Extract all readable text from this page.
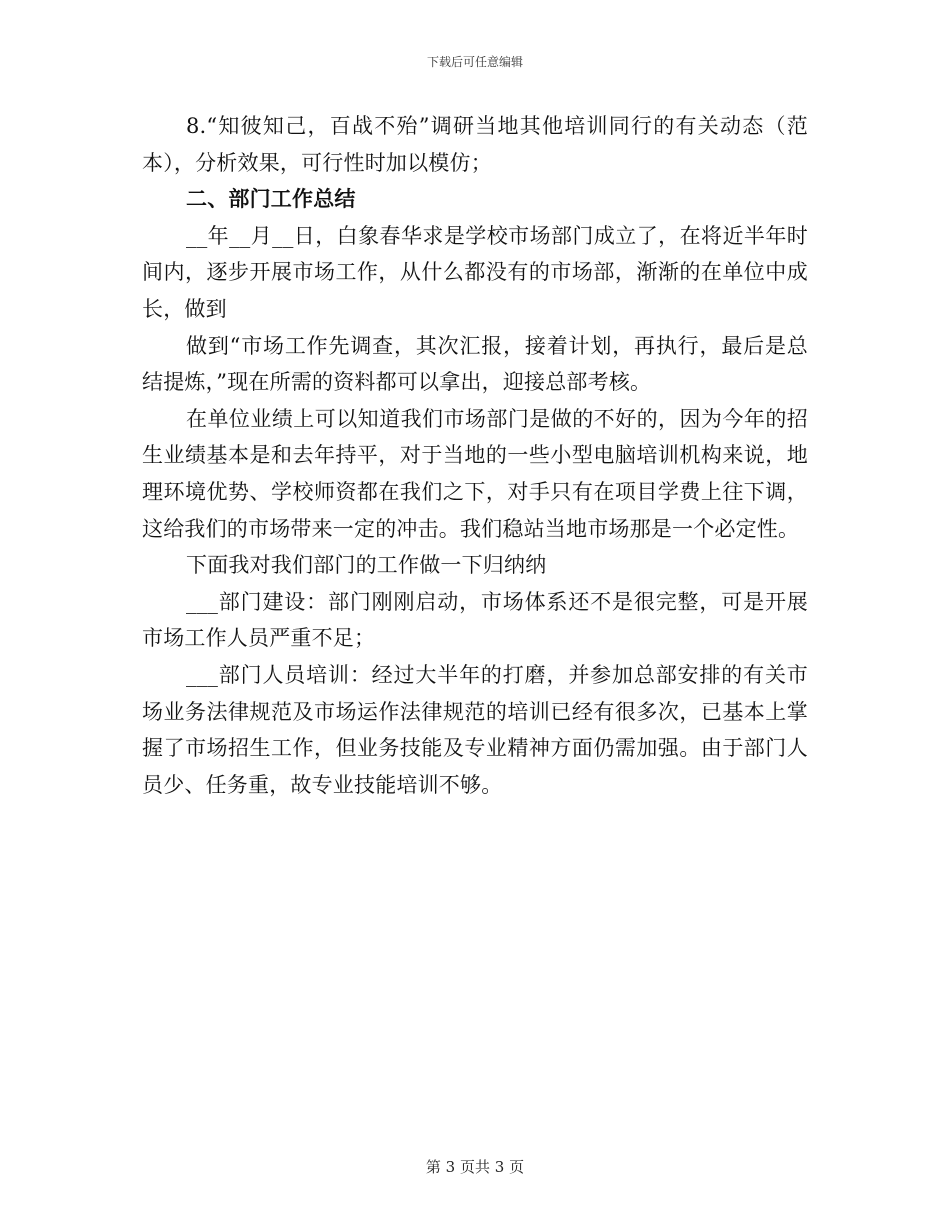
下载后可任意编辑

8.“知彼知己，百战不殆”调研当地其他培训同行的有关动态（范本），分析效果，可行性时加以模仿；

二、部门工作总结

__年__月__日，白象春华求是学校市场部门成立了，在将近半年时间内，逐步开展市场工作，从什么都没有的市场部，渐渐的在单位中成长，做到

做到“市场工作先调查，其次汇报，接着计划，再执行，最后是总结提炼，”现在所需的资料都可以拿出，迎接总部考核。

在单位业绩上可以知道我们市场部门是做的不好的，因为今年的招生业绩基本是和去年持平，对于当地的一些小型电脑培训机构来说，地理环境优势、学校师资都在我们之下，对手只有在项目学费上往下调，这给我们的市场带来一定的冲击。我们稳站当地市场那是一个必定性。

下面我对我们部门的工作做一下归纳纳

___部门建设：部门刚刚启动，市场体系还不是很完整，可是开展市场工作人员严重不足；

___部门人员培训：经过大半年的打磨，并参加总部安排的有关市场业务法律规范及市场运作法律规范的培训已经有很多次，已基本上掌握了市场招生工作，但业务技能及专业精神方面仍需加强。由于部门人员少、任务重，故专业技能培训不够。

第 3 页共 3 页
